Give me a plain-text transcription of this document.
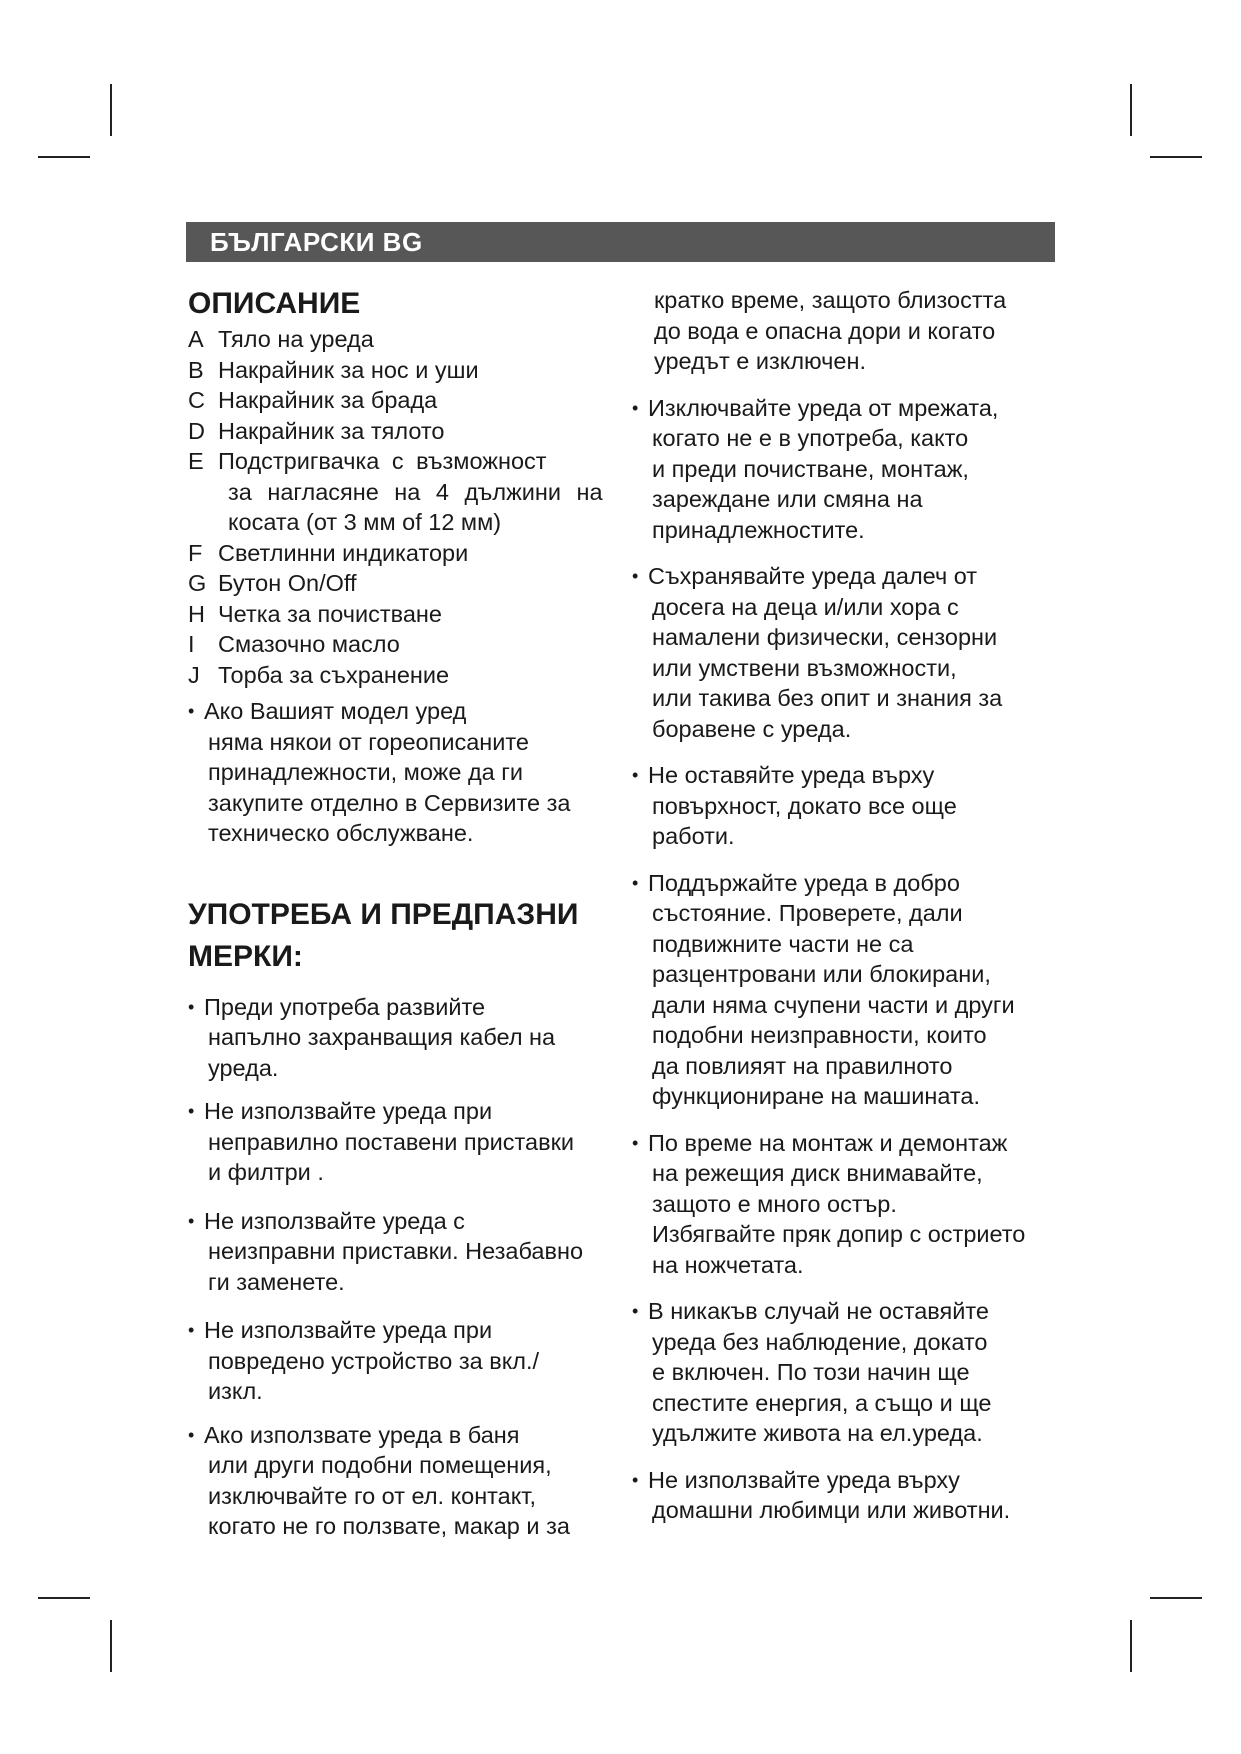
БЪЛГАРСКИ BG
ОПИСАНИЕ
A Тяло на уреда
B Накрайник за нос и уши
C Накрайник за брада
D Накрайник за тялото
E Подстригвачка с възможност
за нагласяне на 4 дължини на
косата (от 3 мм of 12 мм)
F Светлинни индикатори
G Бутон On/Off
H Четка за почистване
I Смазочно масло
J Торба за съхранение
• Ако Вашият модел уред
няма някои от гореописаните
принадлежности, може да ги
закупите отделно в Сервизите за
техническо обслужване.
УПОТРЕБА И ПРЕДПАЗНИ
МЕРКИ:
• Преди употреба развийте
напълно захранващия кабел на
уреда.
• Не използвайте уреда при
неправилно поставени приставки
и филтри .
• Не използвайте уреда с
неизправни приставки. Незабавно
ги заменете.
• Не използвайте уреда при
повредено устройство за вкл./
изкл.
• Ако използвате уреда в баня
или други подобни помещения,
изключвайте го от ел. контакт,
когато не го ползвате, макар и за
кратко време, защото близостта
до вода е опасна дори и когато
уредът е изключен.
• Изключвайте уреда от мрежата,
когато не е в употреба, както
и преди почистване, монтаж,
зареждане или смяна на
принадлежностите.
• Съхранявайте уреда далеч от
досега на деца и/или хора с
намалени физически, сензорни
или умствени възможности,
или такива без опит и знания за
боравене с уреда.
• Не оставяйте уреда върху
повърхност, докато все още
работи.
• Поддържайте уреда в добро
състояние. Проверете, дали
подвижните части не са
разцентровани или блокирани,
дали няма счупени части и други
подобни неизправности, които
да повлияят на правилното
функциониране на машината.
• По време на монтаж и демонтаж
на режещия диск внимавайте,
защото е много остър.
Избягвайте пряк допир с острието
на ножчетата.
• В никакъв случай не оставяйте
уреда без наблюдение, докато
е включен. По този начин ще
спестите енергия, а също и ще
удължите живота на ел.уреда.
• Не използвайте уреда върху
домашни любимци или животни.
